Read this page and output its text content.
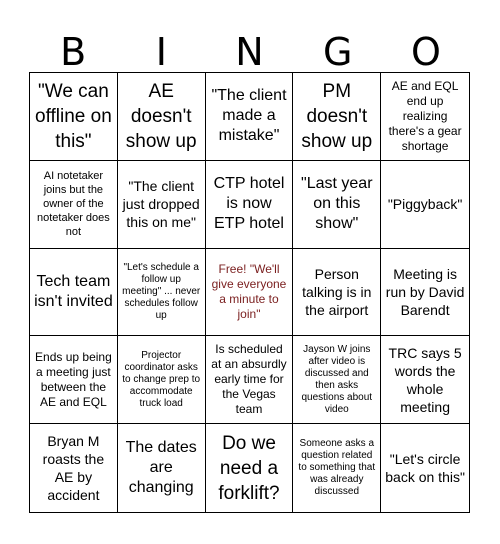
B	I	N	G	O
"We can offline on this"
AE doesn't show up
"The client made a mistake"
PM doesn't show up
AE and EQL end up realizing there's a gear shortage
AI notetaker joins but the owner of the notetaker does not
"The client just dropped this on me"
CTP hotel is now ETP hotel
"Last year on this show"
"Piggyback"
Tech team isn't invited
"Let's schedule a follow up meeting" ... never schedules follow up
Free! "We'll give everyone a minute to join"
Person talking is in the airport
Meeting is run by David Barendt
Ends up being a meeting just between the AE and EQL
Projector coordinator asks to change prep to accommodate truck load
Is scheduled at an absurdly early time for the Vegas team
Jayson W joins after video is discussed and then asks questions about video
TRC says 5 words the whole meeting
Bryan M roasts the AE by accident
The dates are changing
Do we need a forklift?
Someone asks a question related to something that was already discussed
"Let's circle back on this"
